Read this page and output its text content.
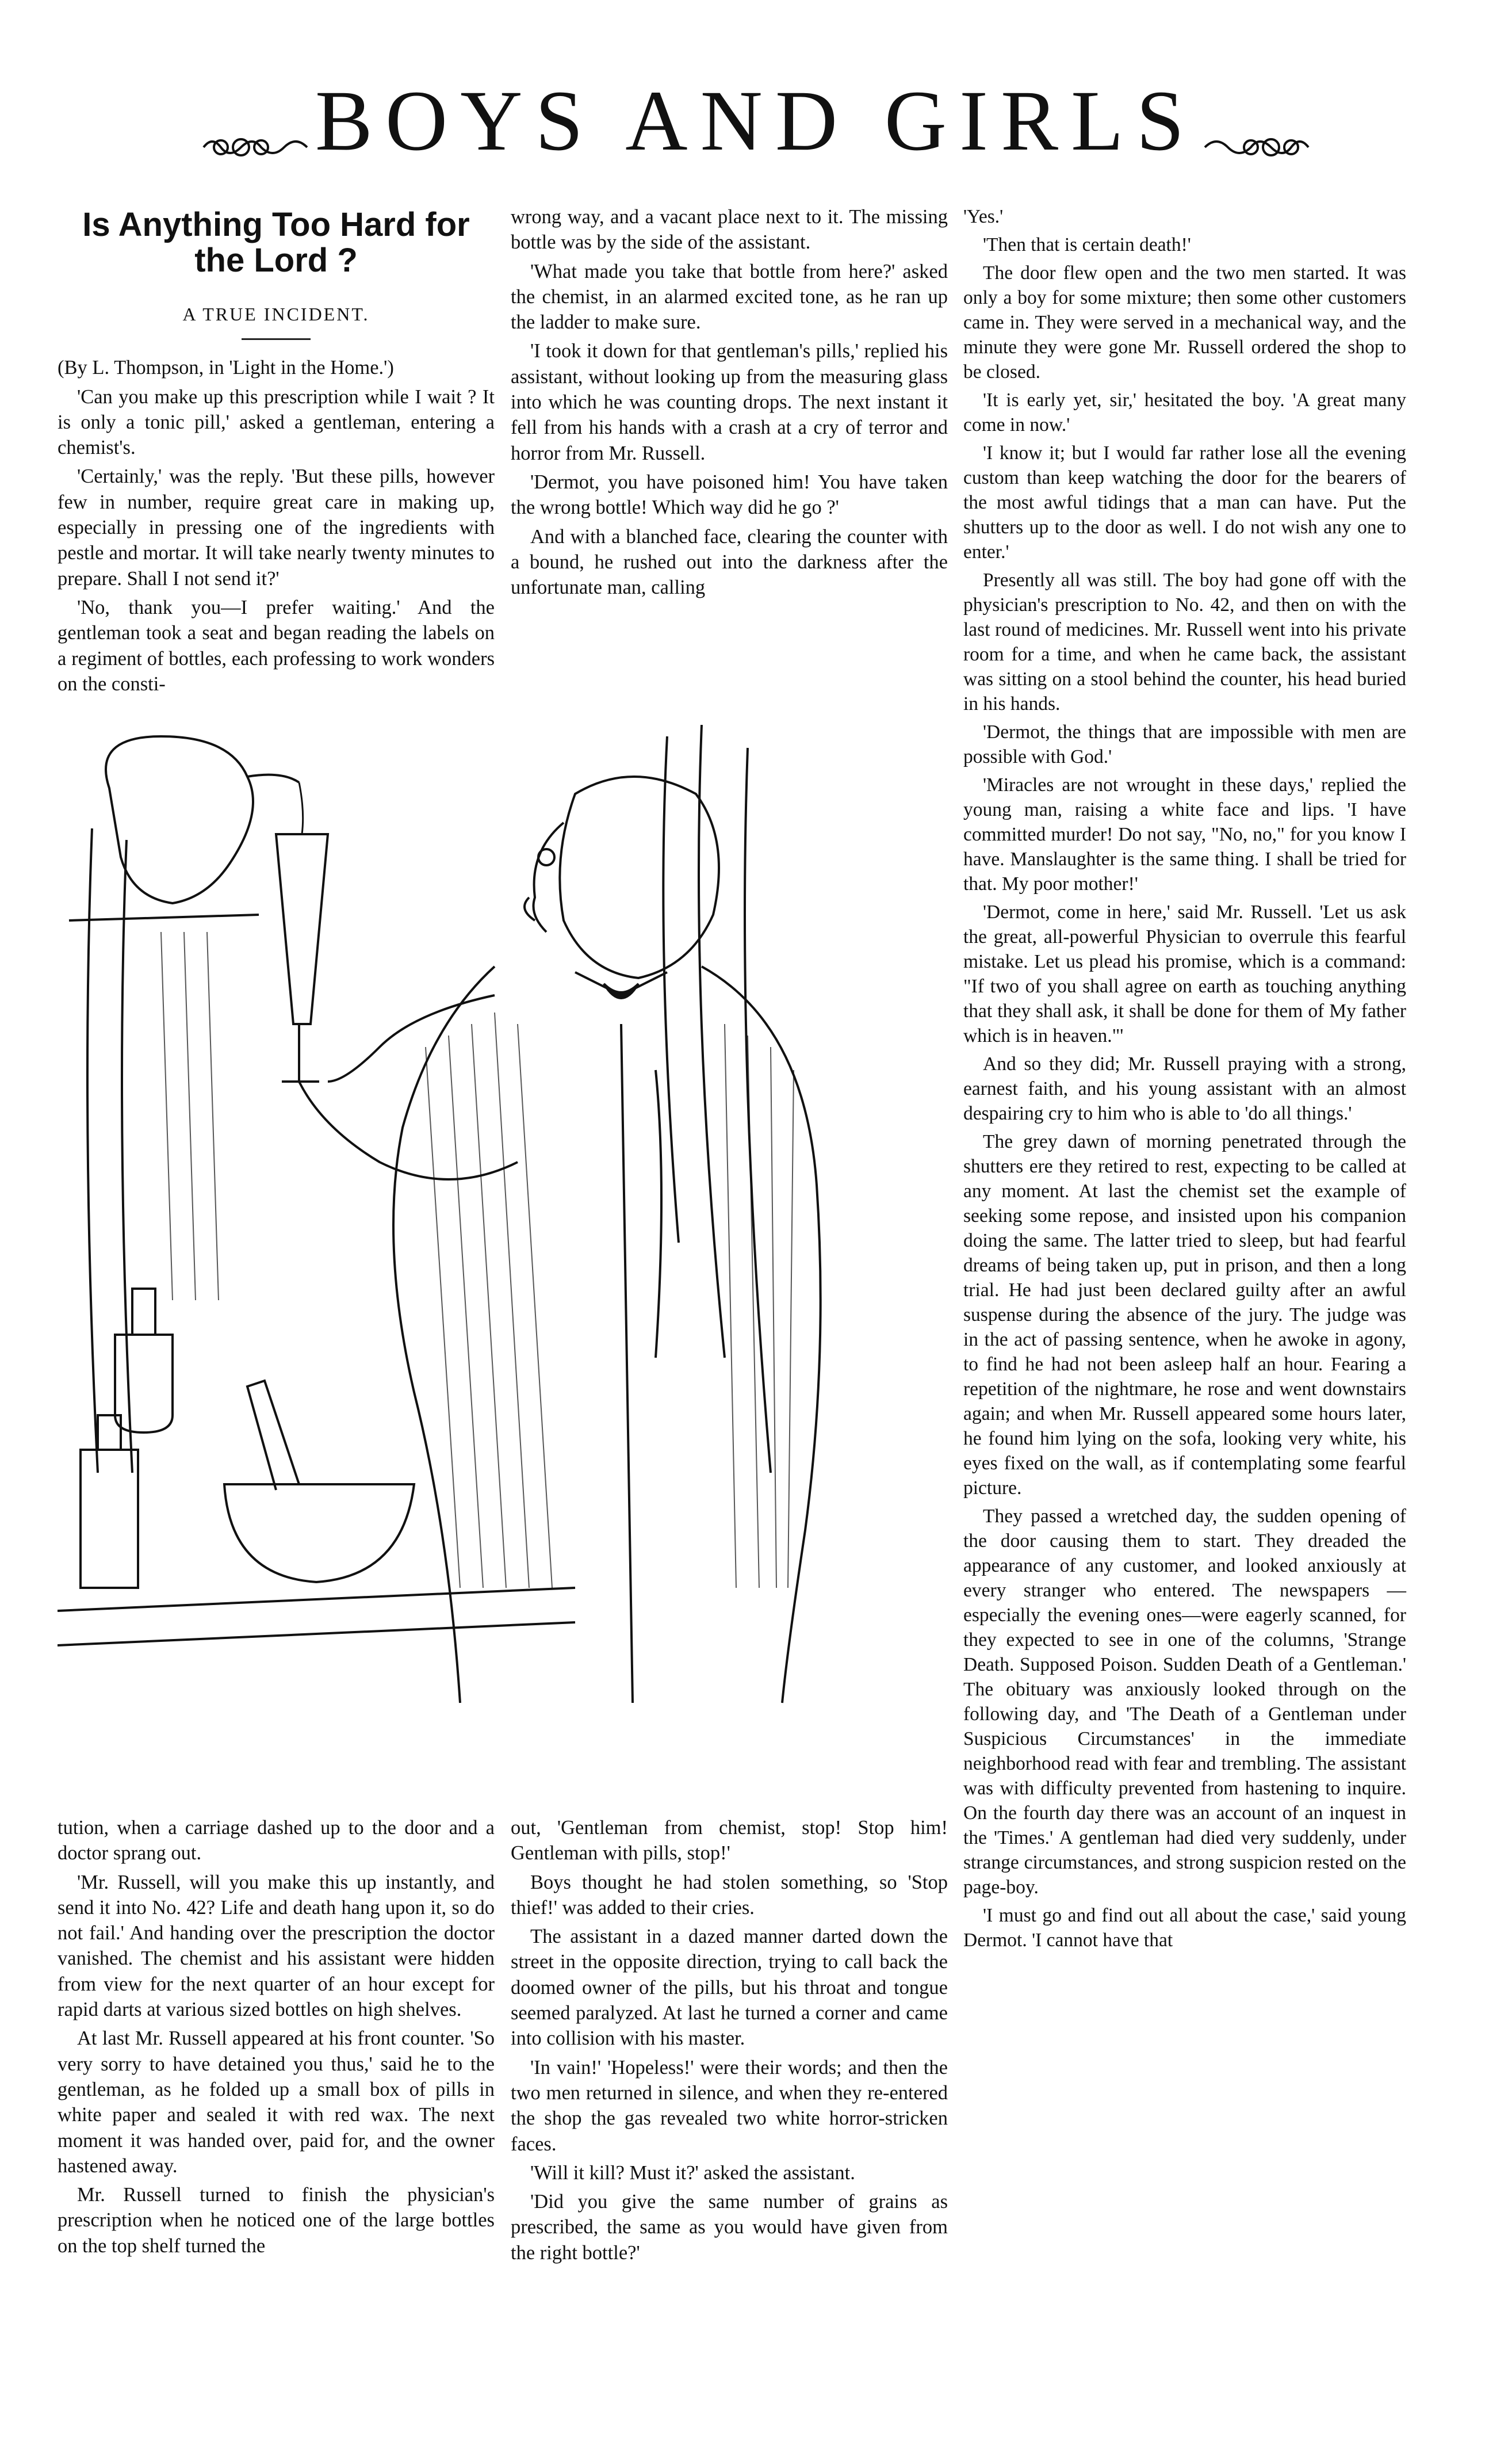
BOYS AND GIRLS
Is Anything Too Hard for
the Lord ?
A TRUE INCIDENT.

(By L. Thompson, in 'Light in the Home.')

'Can you make up this prescription while I wait ? It is only a tonic pill,' asked a gentleman, entering a chemist's.

'Certainly,' was the reply. 'But these pills, however few in number, require great care in making up, especially in pressing one of the ingredients with pestle and mortar. It will take nearly twenty minutes to prepare. Shall I not send it?'

'No, thank you—I prefer waiting.' And the gentleman took a seat and began reading the labels on a regiment of bottles, each professing to work wonders on the consti-

wrong way, and a vacant place next to it. The missing bottle was by the side of the assistant.

'What made you take that bottle from here?' asked the chemist, in an alarmed excited tone, as he ran up the ladder to make sure.

'I took it down for that gentleman's pills,' replied his assistant, without looking up from the measuring glass into which he was counting drops. The next instant it fell from his hands with a crash at a cry of terror and horror from Mr. Russell.

'Dermot, you have poisoned him! You have taken the wrong bottle! Which way did he go ?'

And with a blanched face, clearing the counter with a bound, he rushed out into the darkness after the unfortunate man, calling

tution, when a carriage dashed up to the door and a doctor sprang out.

'Mr. Russell, will you make this up instantly, and send it into No. 42? Life and death hang upon it, so do not fail.' And handing over the prescription the doctor vanished. The chemist and his assistant were hidden from view for the next quarter of an hour except for rapid darts at various sized bottles on high shelves.

At last Mr. Russell appeared at his front counter. 'So very sorry to have detained you thus,' said he to the gentleman, as he folded up a small box of pills in white paper and sealed it with red wax. The next moment it was handed over, paid for, and the owner hastened away.

Mr. Russell turned to finish the physician's prescription when he noticed one of the large bottles on the top shelf turned the

out, 'Gentleman from chemist, stop! Stop him! Gentleman with pills, stop!'

Boys thought he had stolen something, so 'Stop thief!' was added to their cries.

The assistant in a dazed manner darted down the street in the opposite direction, trying to call back the doomed owner of the pills, but his throat and tongue seemed paralyzed. At last he turned a corner and came into collision with his master.

'In vain!' 'Hopeless!' were their words; and then the two men returned in silence, and when they re-entered the shop the gas revealed two white horror-stricken faces.

'Will it kill? Must it?' asked the assistant.

'Did you give the same number of grains as prescribed, the same as you would have given from the right bottle?'

'Yes.'

'Then that is certain death!'

The door flew open and the two men started. It was only a boy for some mixture; then some other customers came in. They were served in a mechanical way, and the minute they were gone Mr. Russell ordered the shop to be closed.

'It is early yet, sir,' hesitated the boy. 'A great many come in now.'

'I know it; but I would far rather lose all the evening custom than keep watching the door for the bearers of the most awful tidings that a man can have. Put the shutters up to the door as well. I do not wish any one to enter.'

Presently all was still. The boy had gone off with the physician's prescription to No. 42, and then on with the last round of medicines. Mr. Russell went into his private room for a time, and when he came back, the assistant was sitting on a stool behind the counter, his head buried in his hands.

'Dermot, the things that are impossible with men are possible with God.'

'Miracles are not wrought in these days,' replied the young man, raising a white face and lips. 'I have committed murder! Do not say, "No, no," for you know I have. Manslaughter is the same thing. I shall be tried for that. My poor mother!'

'Dermot, come in here,' said Mr. Russell. 'Let us ask the great, all-powerful Physician to overrule this fearful mistake. Let us plead his promise, which is a command: "If two of you shall agree on earth as touching anything that they shall ask, it shall be done for them of My father which is in heaven."'

And so they did; Mr. Russell praying with a strong, earnest faith, and his young assistant with an almost despairing cry to him who is able to 'do all things.'

The grey dawn of morning penetrated through the shutters ere they retired to rest, expecting to be called at any moment. At last the chemist set the example of seeking some repose, and insisted upon his companion doing the same. The latter tried to sleep, but had fearful dreams of being taken up, put in prison, and then a long trial. He had just been declared guilty after an awful suspense during the absence of the jury. The judge was in the act of passing sentence, when he awoke in agony, to find he had not been asleep half an hour. Fearing a repetition of the nightmare, he rose and went downstairs again; and when Mr. Russell appeared some hours later, he found him lying on the sofa, looking very white, his eyes fixed on the wall, as if contemplating some fearful picture.

They passed a wretched day, the sudden opening of the door causing them to start. They dreaded the appearance of any customer, and looked anxiously at every stranger who entered. The newspapers — especially the evening ones—were eagerly scanned, for they expected to see in one of the columns, 'Strange Death. Supposed Poison. Sudden Death of a Gentleman.' The obituary was anxiously looked through on the following day, and 'The Death of a Gentleman under Suspicious Circumstances' in the immediate neighborhood read with fear and trembling. The assistant was with difficulty prevented from hastening to inquire. On the fourth day there was an account of an inquest in the 'Times.' A gentleman had died very suddenly, under strange circumstances, and strong suspicion rested on the page-boy.

'I must go and find out all about the case,' said young Dermot. 'I cannot have that
